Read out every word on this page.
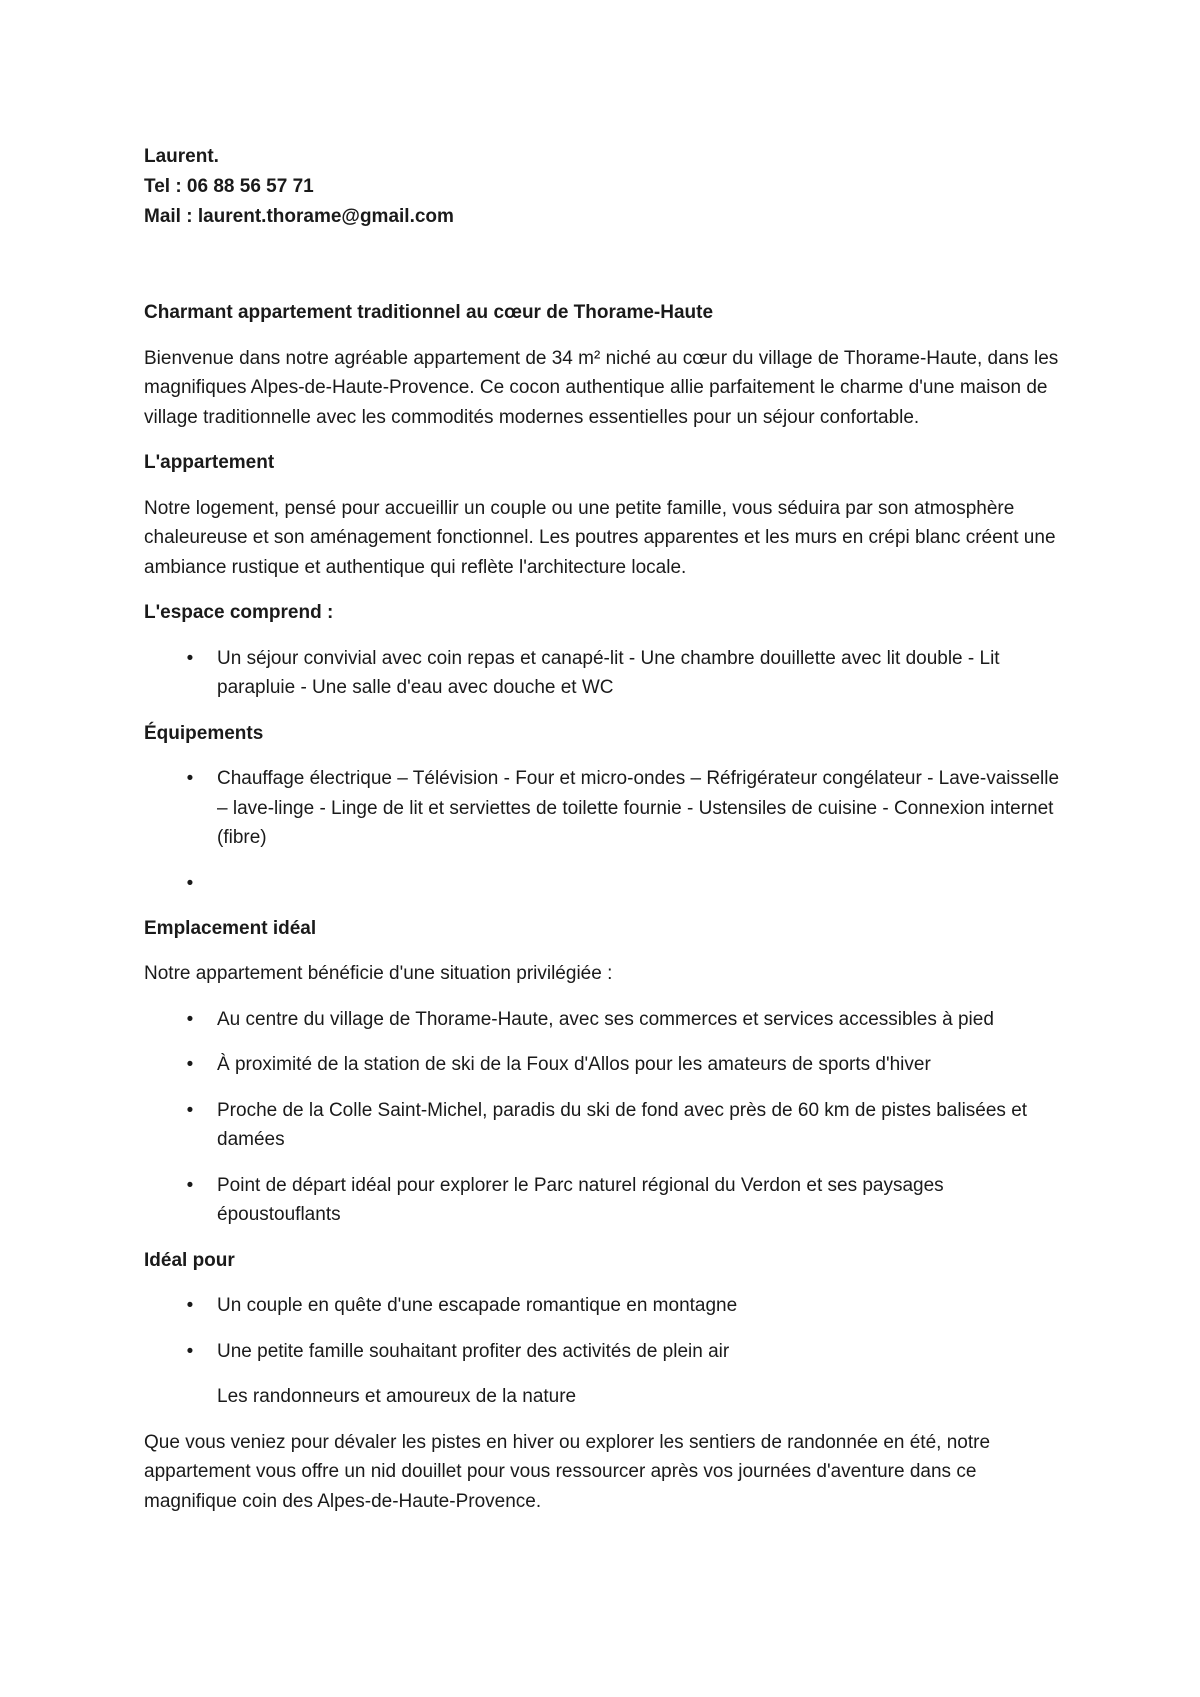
Laurent.
Tel : 06 88 56 57 71
Mail : laurent.thorame@gmail.com
Charmant appartement traditionnel au cœur de Thorame-Haute
Bienvenue dans notre agréable appartement de 34 m² niché au cœur du village de Thorame-Haute, dans les magnifiques Alpes-de-Haute-Provence. Ce cocon authentique allie parfaitement le charme d'une maison de village traditionnelle avec les commodités modernes essentielles pour un séjour confortable.
L'appartement
Notre logement, pensé pour accueillir un couple ou une petite famille, vous séduira par son atmosphère chaleureuse et son aménagement fonctionnel. Les poutres apparentes et les murs en crépi blanc créent une ambiance rustique et authentique qui reflète l'architecture locale.
L'espace comprend :
• Un séjour convivial avec coin repas et canapé-lit - Une chambre douillette avec lit double - Lit parapluie - Une salle d'eau avec douche et WC
Équipements
• Chauffage électrique – Télévision - Four et micro-ondes – Réfrigérateur congélateur - Lave-vaisselle – lave-linge - Linge de lit et serviettes de toilette fournie - Ustensiles de cuisine - Connexion internet (fibre)
•
Emplacement idéal
Notre appartement bénéficie d'une situation privilégiée :
• Au centre du village de Thorame-Haute, avec ses commerces et services accessibles à pied
• À proximité de la station de ski de la Foux d'Allos pour les amateurs de sports d'hiver
• Proche de la Colle Saint-Michel, paradis du ski de fond avec près de 60 km de pistes balisées et damées
• Point de départ idéal pour explorer le Parc naturel régional du Verdon et ses paysages époustouflants
Idéal pour
• Un couple en quête d'une escapade romantique en montagne
• Une petite famille souhaitant profiter des activités de plein air
Les randonneurs et amoureux de la nature
Que vous veniez pour dévaler les pistes en hiver ou explorer les sentiers de randonnée en été, notre appartement vous offre un nid douillet pour vous ressourcer après vos journées d'aventure dans ce magnifique coin des Alpes-de-Haute-Provence.
